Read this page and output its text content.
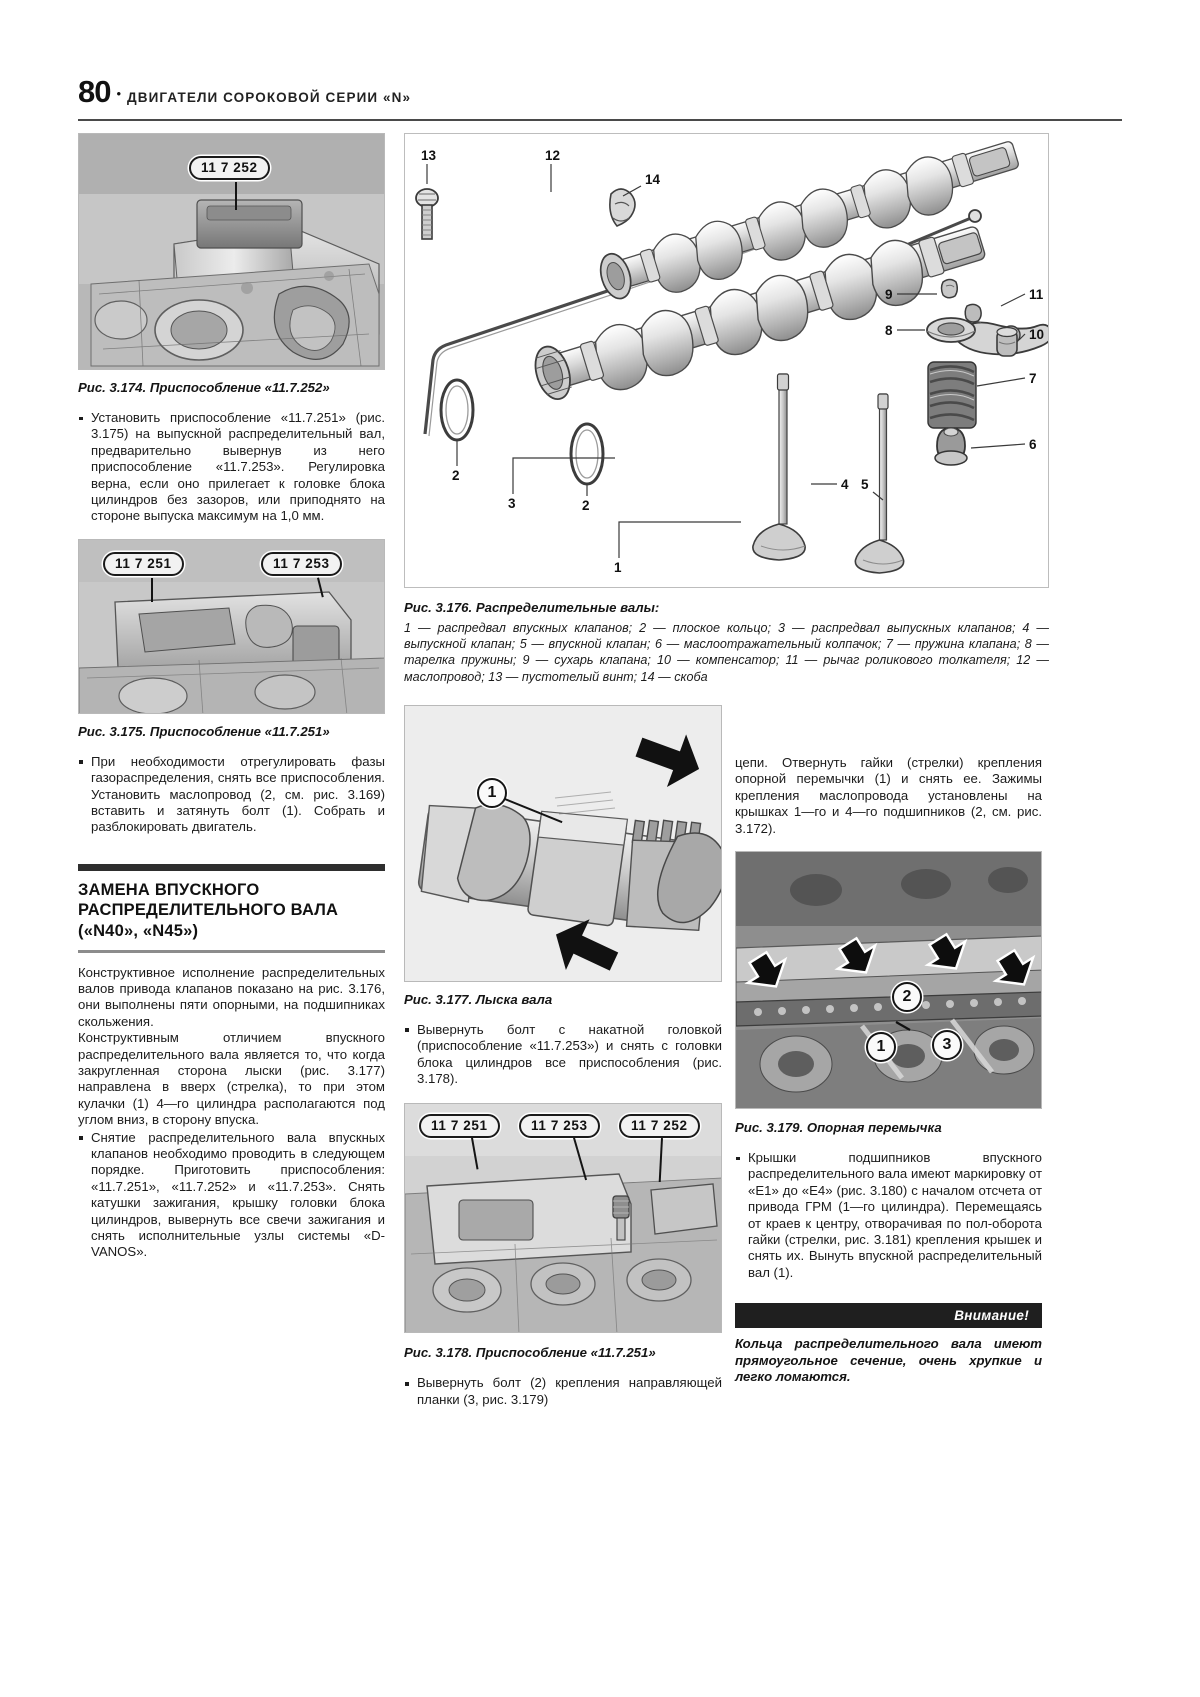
80 • ДВИГАТЕЛИ СОРОКОВОЙ СЕРИИ «N»
11 7 252
Рис. 3.174. Приспособление «11.7.252»
Установить приспособление «11.7.251» (рис. 3.175) на выпускной распределительный вал, предварительно вывернув из него приспособление «11.7.253». Регулировка верна, если оно прилегает к головке блока цилиндров без зазоров, или приподнято на стороне выпуска максимум на 1,0 мм.
11 7 251	11 7 253
Рис. 3.175. Приспособление «11.7.251»
При необходимости отрегулировать фазы газораспределения, снять все приспособления. Установить маслопровод (2, см. рис. 3.169) вставить и затянуть болт (1). Собрать и разблокировать двигатель.
ЗАМЕНА ВПУСКНОГО РАСПРЕДЕЛИТЕЛЬНОГО ВАЛА («N40», «N45»)

Конструктивное исполнение распределительных валов привода клапанов показано на рис. 3.176, они выполнены пяти опорными, на подшипниках скольжения.

Конструктивным отличием впускного распределительного вала является то, что когда закругленная сторона лыски (рис. 3.177) направлена в вверх (стрелка), то при этом кулачки (1) 4—го цилиндра располагаются под углом вниз, в сторону впуска.

Снятие распределительного вала впускных клапанов необходимо проводить в следующем порядке. Приготовить приспособления: «11.7.251», «11.7.252» и «11.7.253». Снять катушки зажигания, крышку головки блока цилиндров, вывернуть все свечи зажигания и снять исполнительные узлы системы «D-VANOS».
13	12
14
2
3	2
1
9
8
11
10
7
6
4 5
Рис. 3.176. Распределительные валы:
1 — распредвал впускных клапанов; 2 — плоское кольцо; 3 — распредвал выпускных клапанов; 4 — выпускной клапан; 5 — впускной клапан; 6 — маслоотражательный колпачок; 7 — пружина клапана; 8 — тарелка пружины; 9 — сухарь клапана; 10 — компенсатор; 11 — рычаг роликового толкателя; 12 — маслопровод; 13 — пустотелый винт; 14 — скоба
1
Рис. 3.177. Лыска вала
Вывернуть болт с накатной головкой (приспособление «11.7.253») и снять с головки блока цилиндров все приспособления (рис. 3.178).
11 7 251	11 7 253	11 7 252
Рис. 3.178. Приспособление «11.7.251»
Вывернуть болт (2) крепления направляющей планки (3, рис. 3.179)

цепи. Отвернуть гайки (стрелки) крепления опорной перемычки (1) и снять ее. Зажимы крепления маслопровода установлены на крышках 1—го и 4—го подшипников (2, см. рис. 3.172).

2
1	3
Рис. 3.179. Опорная перемычка
Крышки подшипников впускного распределительного вала имеют маркировку от «Е1» до «Е4» (рис. 3.180) с началом отсчета от привода ГРМ (1—го цилиндра). Перемещаясь от краев к центру, отворачивая по пол-оборота гайки (стрелки, рис. 3.181) крепления крышек и снять их. Вынуть впускной распределительный вал (1).
Внимание!
Кольца распределительного вала имеют прямоугольное сечение, очень хрупкие и легко ломаются.
